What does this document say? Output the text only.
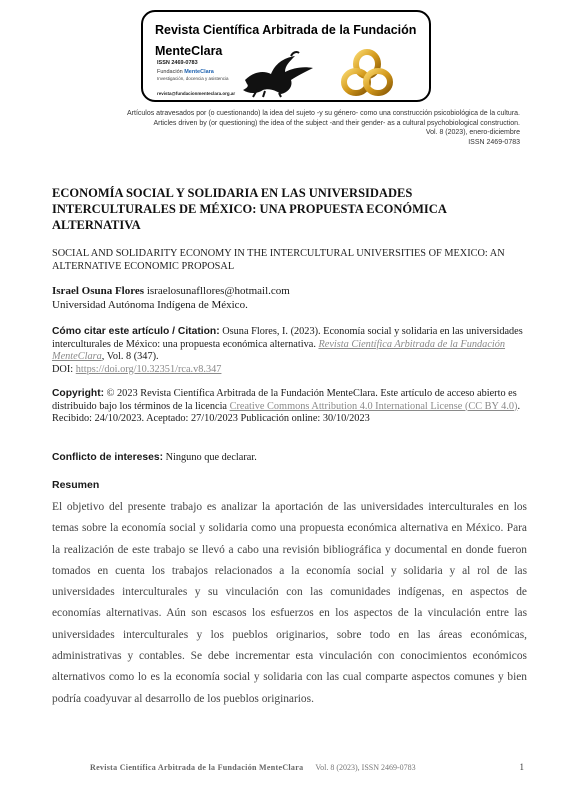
Revista Científica Arbitrada de la Fundación MenteClara
ISSN 2469-0783
Fundación MenteClara
Investigación, docencia y asistencia
revista@fundacionmenteclara.org.ar
Artículos atravesados por (o cuestionando) la idea del sujeto -y su género- como una construcción psicobiológica de la cultura.
Articles driven by (or questioning) the idea of the subject -and their gender- as a cultural psychobiological construction.
Vol. 8 (2023), enero-diciembre
ISSN 2469-0783
ECONOMÍA SOCIAL Y SOLIDARIA EN LAS UNIVERSIDADES INTERCULTURALES DE MÉXICO: UNA PROPUESTA ECONÓMICA ALTERNATIVA
SOCIAL AND SOLIDARITY ECONOMY IN THE INTERCULTURAL UNIVERSITIES OF MEXICO: AN ALTERNATIVE ECONOMIC PROPOSAL
Israel Osuna Flores israelosunafllores@hotmail.com
Universidad Autónoma Indígena de México.
Cómo citar este artículo / Citation: Osuna Flores, I. (2023). Economía social y solidaria en las universidades interculturales de México: una propuesta económica alternativa. Revista Científica Arbitrada de la Fundación MenteClara, Vol. 8 (347).
DOI: https://doi.org/10.32351/rca.v8.347
Copyright: © 2023 Revista Científica Arbitrada de la Fundación MenteClara. Este artículo de acceso abierto es distribuido bajo los términos de la licencia Creative Commons Attribution 4.0 International License (CC BY 4.0).
Recibido: 24/10/2023. Aceptado: 27/10/2023 Publicación online: 30/10/2023
Conflicto de intereses: Ninguno que declarar.
Resumen

El objetivo del presente trabajo es analizar la aportación de las universidades interculturales en los temas sobre la economía social y solidaria como una propuesta económica alternativa en México. Para la realización de este trabajo se llevó a cabo una revisión bibliográfica y documental en donde fueron tomados en cuenta los trabajos relacionados a la economía social y solidaria y al rol de las universidades interculturales y su vinculación con las comunidades indígenas, en aspectos de economías alternativas. Aún son escasos los esfuerzos en los aspectos de la vinculación entre las universidades interculturales y los pueblos originarios, sobre todo en las áreas económicas, administrativas y contables. Se debe incrementar esta vinculación con conocimientos económicos alternativos como lo es la economía social y solidaria con las cual comparte aspectos comunes y bien podría coadyuvar al desarrollo de los pueblos originarios.

Revista Científica Arbitrada de la Fundación MenteClara Vol. 8 (2023), ISSN 2469-0783	1
